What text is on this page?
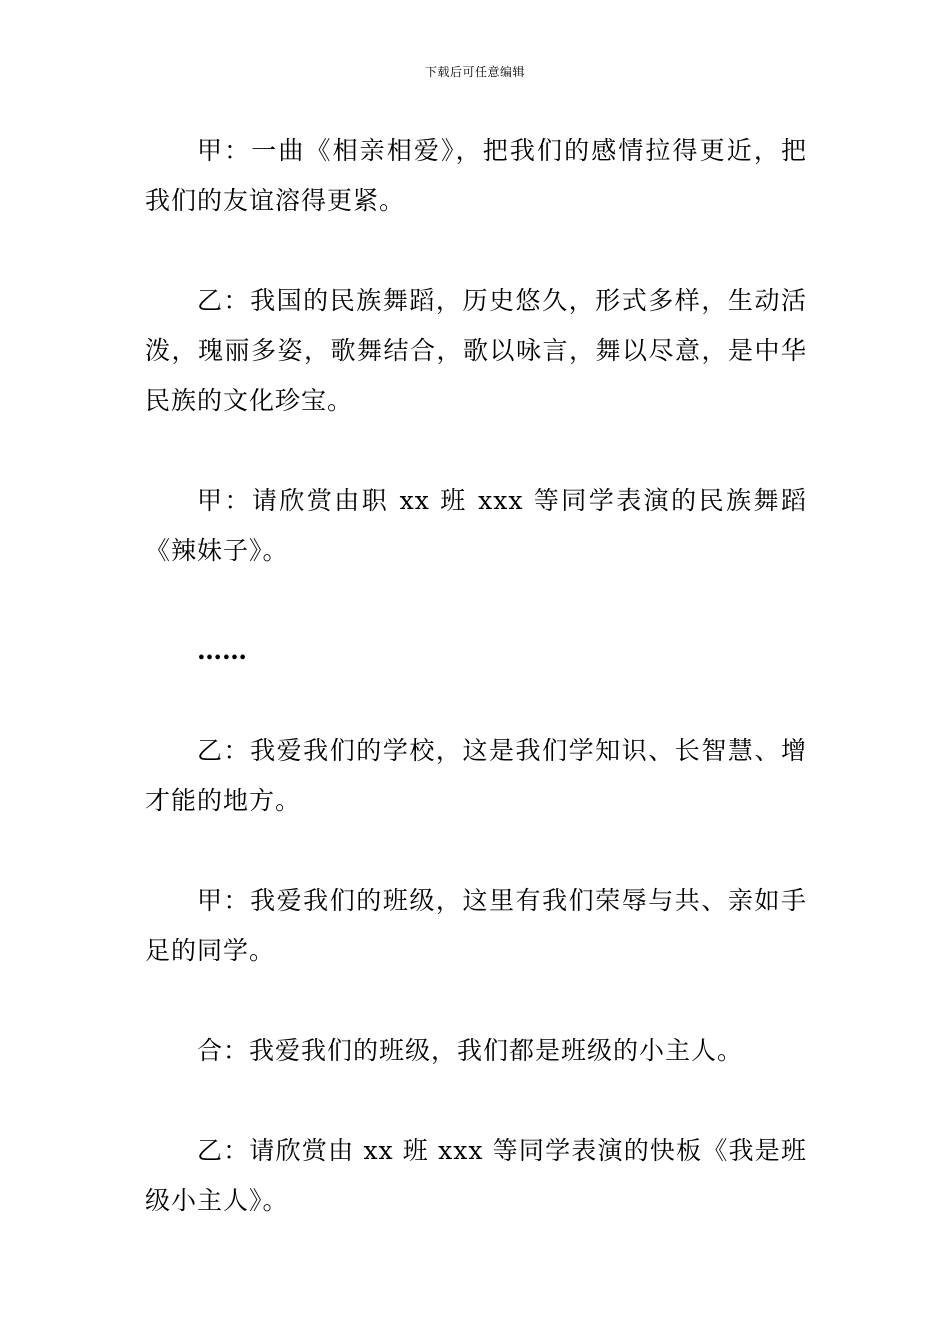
下载后可任意编辑

甲：一曲《相亲相爱》，把我们的感情拉得更近，把我们的友谊溶得更紧。

乙：我国的民族舞蹈，历史悠久，形式多样，生动活泼，瑰丽多姿，歌舞结合，歌以咏言，舞以尽意，是中华民族的文化珍宝。

甲：请欣赏由职 xx 班 xxx 等同学表演的民族舞蹈《辣妹子》。

……

乙：我爱我们的学校，这是我们学知识、长智慧、增才能的地方。

甲：我爱我们的班级，这里有我们荣辱与共、亲如手足的同学。

合：我爱我们的班级，我们都是班级的小主人。

乙：请欣赏由 xx 班 xxx 等同学表演的快板《我是班级小主人》。
